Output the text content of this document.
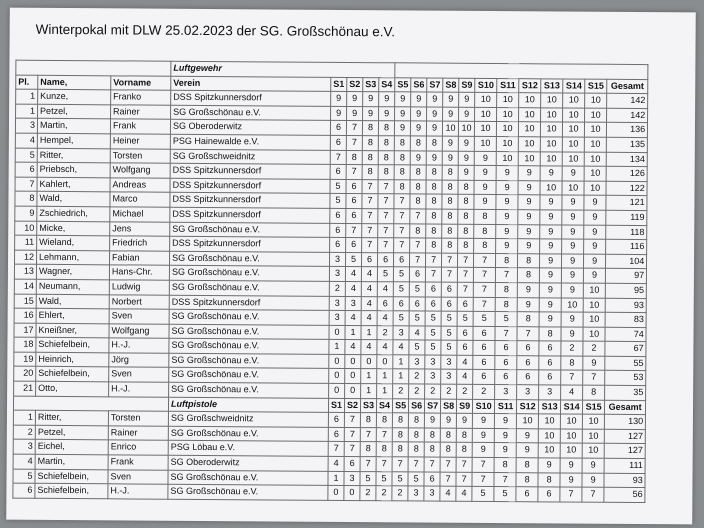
Winterpokal mit DLW 25.02.2023 der SG. Großschönau e.V.
			Luftgewehr																
Pl.	Name,	Vorname	Verein	S1	S2	S3	S4	S5	S6	S7	S8	S9	S10	S11	S12	S13	S14	S15	Gesamt
1	Kunze,	Franko	DSS Spitzkunnersdorf	9	9	9	9	9	9	9	9	9	10	10	10	10	10	10	142
1	Petzel,	Rainer	SG Großschönau e.V.	9	9	9	9	9	9	9	9	9	10	10	10	10	10	10	142
3	Martin,	Frank	SG Oberoderwitz	6	7	8	8	9	9	9	10	10	10	10	10	10	10	10	136
4	Hempel,	Heiner	PSG Hainewalde e.V.	6	7	8	8	8	8	8	9	9	10	10	10	10	10	10	135
5	Ritter,	Torsten	SG Großschweidnitz	7	8	8	8	8	9	9	9	9	9	10	10	10	10	10	134
6	Priebsch,	Wolfgang	DSS Spitzkunnersdorf	6	7	8	8	8	8	8	8	9	9	9	9	9	9	10	126
7	Kahlert,	Andreas	DSS Spitzkunnersdorf	5	6	7	7	8	8	8	8	8	9	9	9	10	10	10	122
8	Wald,	Marco	DSS Spitzkunnersdorf	5	6	7	7	7	8	8	8	8	9	9	9	9	9	9	121
9	Zschiedrich,	Michael	DSS Spitzkunnersdorf	6	6	7	7	7	7	8	8	8	8	9	9	9	9	9	119
10	Micke,	Jens	SG Großschönau e.V.	6	7	7	7	7	8	8	8	8	8	9	9	9	9	9	118
11	Wieland,	Friedrich	DSS Spitzkunnersdorf	6	6	7	7	7	7	8	8	8	8	9	9	9	9	9	116
12	Lehmann,	Fabian	SG Großschönau e.V.	3	5	6	6	6	7	7	7	7	7	8	8	9	9	9	104
13	Wagner,	Hans-Chr.	SG Großschönau e.V.	3	4	4	5	5	6	7	7	7	7	7	8	9	9	9	97
14	Neumann,	Ludwig	SG Großschönau e.V.	2	4	4	4	5	5	6	6	7	7	8	9	9	9	10	95
15	Wald,	Norbert	DSS Spitzkunnersdorf	3	3	4	6	6	6	6	6	6	7	8	9	9	10	10	93
16	Ehlert,	Sven	SG Großschönau e.V.	3	4	4	4	5	5	5	5	5	5	5	8	9	9	10	83
17	Kneißner,	Wolfgang	SG Großschönau e.V.	0	1	1	2	3	4	5	5	6	6	7	7	8	9	10	74
18	Schiefelbein,	H.-J.	SG Großschönau e.V.	1	4	4	4	4	5	5	5	6	6	6	6	6	2	2	67
19	Heinrich,	Jörg	SG Großschönau e.V.	0	0	0	0	1	3	3	3	4	6	6	6	6	8	9	55
20	Schiefelbein,	Sven	SG Großschönau e.V.	0	0	1	1	1	2	3	3	4	6	6	6	6	7	7	53
21	Otto,	H.-J.	SG Großschönau e.V.	0	0	1	1	2	2	2	2	2	2	3	3	3	4	8	35
			Luftpistole	S1	S2	S3	S4	S5	S6	S7	S8	S9	S10	S11	S12	S13	S14	S15	Gesamt
1	Ritter,	Torsten	SG Großschweidnitz	6	7	8	8	8	8	9	9	9	9	9	10	10	10	10	130
2	Petzel,	Rainer	SG Großschönau e.V.	6	7	7	7	8	8	8	8	8	9	9	9	10	10	10	127
3	Eichel,	Enrico	PSG Löbau e.V.	7	7	8	8	8	8	8	8	8	9	9	9	10	10	10	127
4	Martin,	Frank	SG Oberoderwitz	4	6	7	7	7	7	7	7	7	7	8	8	9	9	9	111
5	Schiefelbein,	Sven	SG Großschönau e.V.	1	3	5	5	5	5	6	7	7	7	7	8	8	9	9	93
6	Schiefelbein,	H.-J.	SG Großschönau e.V.	0	0	2	2	2	3	3	4	4	5	5	6	6	7	7	56
